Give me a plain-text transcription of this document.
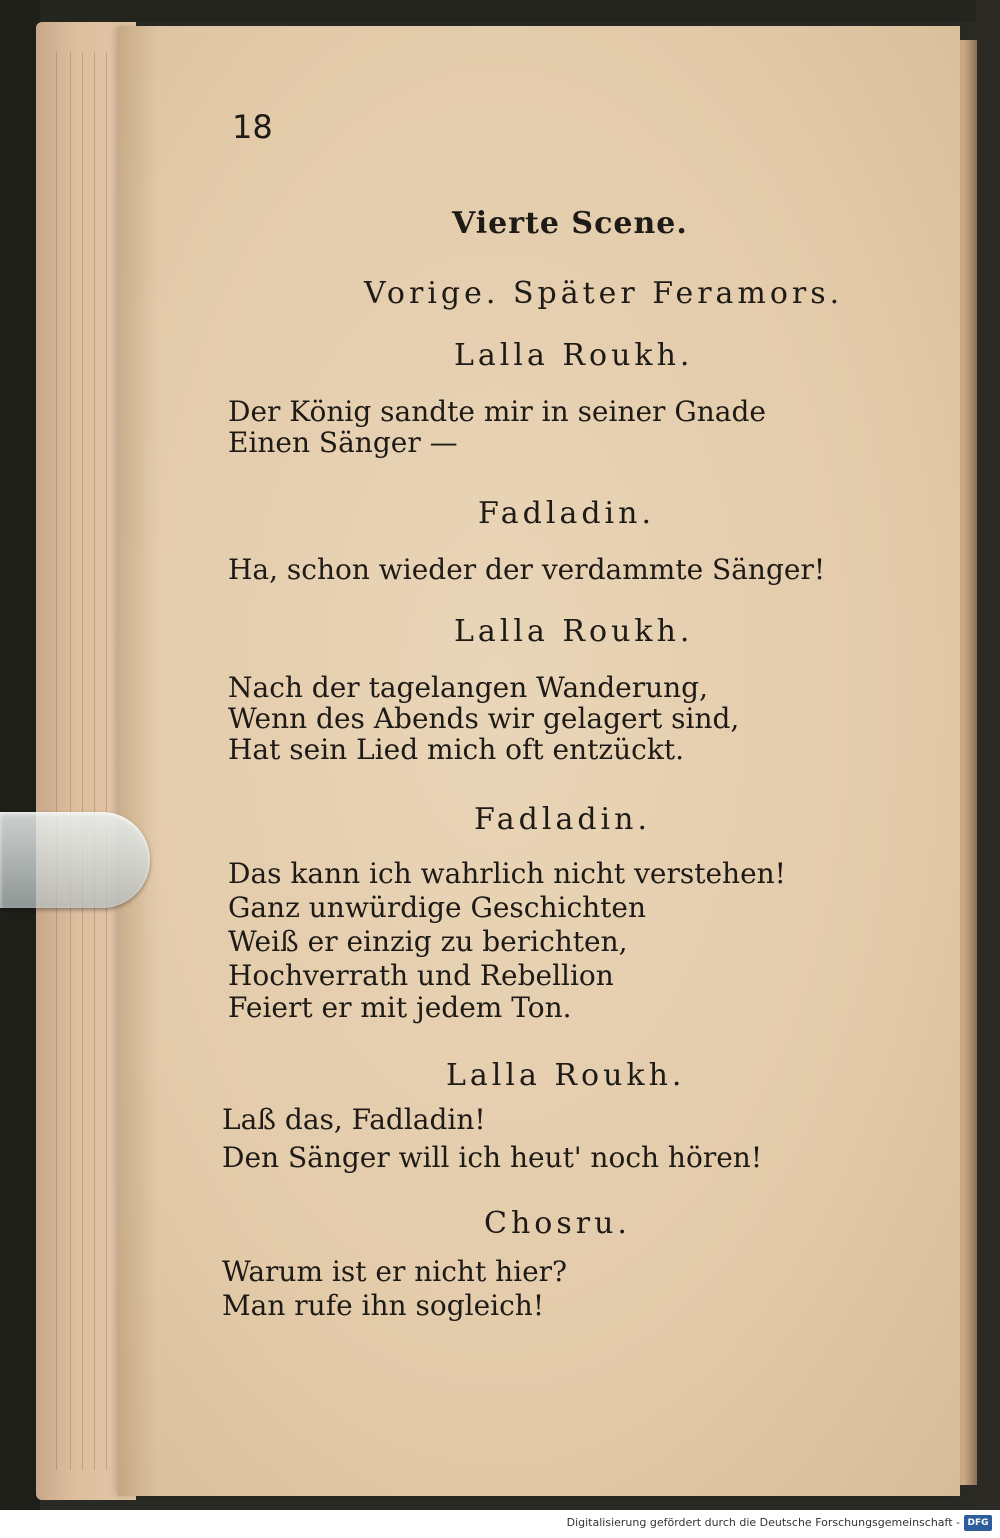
18
Vierte Scene.
Vorige. Später Feramors.
Lalla Roukh.
Der König sandte mir in seiner Gnade
Einen Sänger —
Fadladin.
Ha, schon wieder der verdammte Sänger!
Lalla Roukh.
Nach der tagelangen Wanderung,
Wenn des Abends wir gelagert sind,
Hat sein Lied mich oft entzückt.
Fadladin.
Das kann ich wahrlich nicht verstehen!
Ganz unwürdige Geschichten
Weiß er einzig zu berichten,
Hochverrath und Rebellion
Feiert er mit jedem Ton.
Lalla Roukh.
Laß das, Fadladin!
Den Sänger will ich heut' noch hören!
Chosru.
Warum ist er nicht hier?
Man rufe ihn sogleich!
Digitalisierung gefördert durch die Deutsche Forschungsgemeinschaft - DFG
